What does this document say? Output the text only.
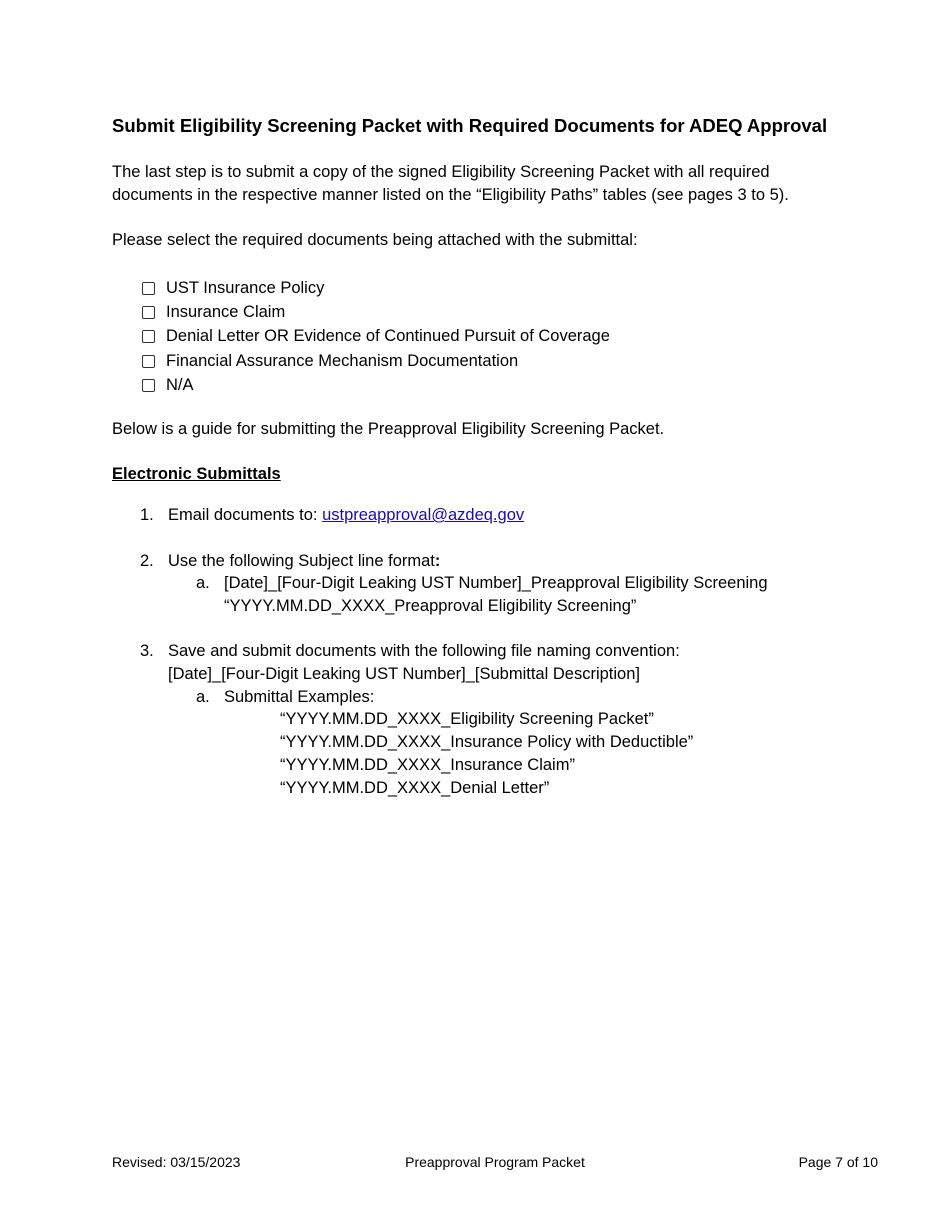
Submit Eligibility Screening Packet with Required Documents for ADEQ Approval

The last step is to submit a copy of the signed Eligibility Screening Packet with all required documents in the respective manner listed on the “Eligibility Paths” tables (see pages 3 to 5).

Please select the required documents being attached with the submittal:

UST Insurance Policy
Insurance Claim
Denial Letter OR Evidence of Continued Pursuit of Coverage
Financial Assurance Mechanism Documentation
N/A

Below is a guide for submitting the Preapproval Eligibility Screening Packet.

Electronic Submittals

1. Email documents to: ustpreapproval@azdeq.gov

2. Use the following Subject line format:

a. [Date]_[Four-Digit Leaking UST Number]_Preapproval Eligibility Screening

“YYYY.MM.DD_XXXX_Preapproval Eligibility Screening”

3. Save and submit documents with the following file naming convention:

[Date]_[Four-Digit Leaking UST Number]_[Submittal Description]

a. Submittal Examples:

“YYYY.MM.DD_XXXX_Eligibility Screening Packet”

“YYYY.MM.DD_XXXX_Insurance Policy with Deductible”

“YYYY.MM.DD_XXXX_Insurance Claim”

“YYYY.MM.DD_XXXX_Denial Letter”

Revised: 03/15/2023	Preapproval Program Packet	Page 7 of 10
